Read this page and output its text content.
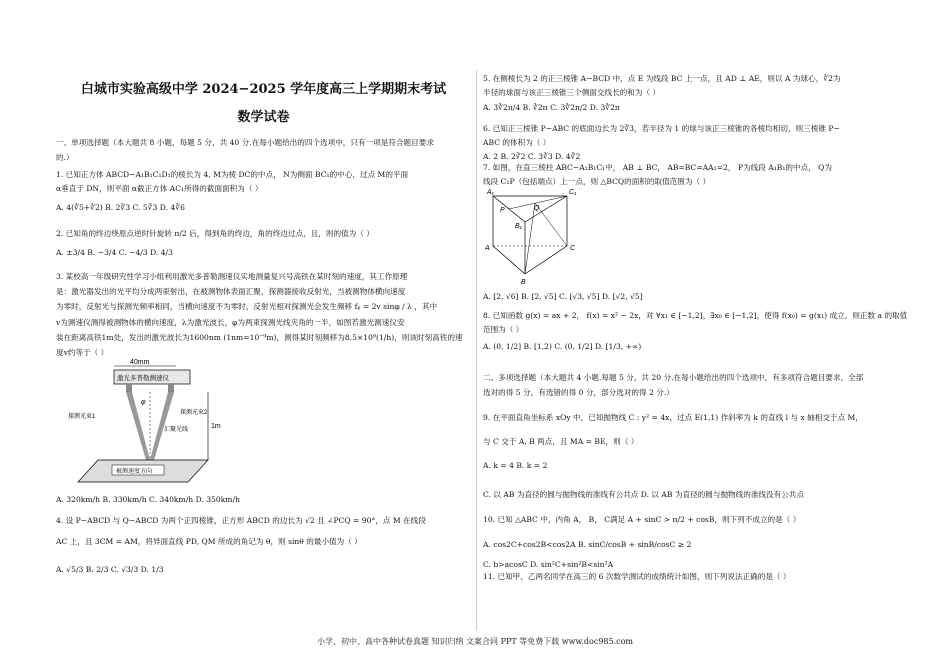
白城市实验高级中学 2024−2025 学年度高三上学期期末考试
数学试卷
一、单项选择题（本大题共 8 小题，每题 5 分，共 40 分.在每小题给出的四个选项中，只有一项是符合题目要求
的.）
1. 已知正方体 ABCD−A₁B₁C₁D₁的棱长为 4, M为棱 DC的中点， N为侧面 BC₁的中心，过点 M的平面
α垂直于 DN，则平面 α截正方体 AC₁所得的截面面积为（ ）
A. 4(∛5+∛2) B. 2∛3 C. 5∛3 D. 4∛6
2. 已知角的终边绕原点逆时针旋转 π/2 后，得到角的终边，角的终边过点，且，则的值为（ ）
A. ±3/4 B. −3/4 C. −4/3 D. 4/3
3. 某校高一年级研究性学习小组利用激光多普勒测速仪实地测量复兴号高铁在某时刻的速度，其工作原理
是：激光器发出的光平均分成两束射出，在被测物体表面汇聚，探测器接收反射光，当被测物体横向速度
为零时，反射光与探测光频率相同，当横向速度不为零时，反射光相对探测光会发生频移 fₚ = 2v sinφ / λ ，其中
v为测速仪测得被测物体的横向速度，λ为激光波长，φ为两束探测光线夹角的一半，如图若激光测速仪安
装在距离高铁1m处，发出的激光波长为1600nm (1nm=10⁻⁹m)，测得某时刻频移为8.5×10⁹(1/h)，则该时刻高铁的速
度v约等于（ ）
40mm
激光多普勒测速仪
φ
探测光束1
探测光束2
汇聚光线	1m
被测速度方向
A. 320km/h B. 330km/h C. 340km/h D. 350km/h
4. 设 P−ABCD 与 Q−ABCD 为两个正四棱锥，正方形 ABCD 的边长为 √2 且 ∠PCQ = 90°，点 M 在线段
AC 上，且 3CM = AM，将异面直线 PD, QM 所成的角记为 θ，则 sinθ 的最小值为（ ）
A. √5/3 B. 2/3 C. √3/3 D. 1/3
5. 在侧棱长为 2 的正三棱锥 A−BCD 中，点 E 为线段 BC 上一点，且 AD ⊥ AE，则以 A 为球心，∛2为
半径的球面与该正三棱锥三个侧面交线长的和为（ ）
A. 3∛2π/4 B. ∛2π C. 3∛2π/2 D. 3∛2π
6. 已知正三棱锥 P−ABC 的底面边长为 2∛3，若半径为 1 的球与该正三棱锥的各棱均相切，则三棱锥 P−
ABC 的体积为（ ）
A. 2 B. 2∛2 C. 3∛3 D. 4∛2
7. 如图，在直三棱柱 ABC−A₁B₁C₁中， AB ⊥ BC， AB=BC=AA₁=2， P为线段 A₁B₁的中点， Q为
线段 C₁P（包括端点）上一点，则 △BCQ的面积的取值范围为（ ）
A₁	C₁
P	Q
B₁
A	C
B
A. [2, √6] B. [2, √5] C. [√3, √5] D. [√2, √5]
8. 已知函数 g(x) = ax + 2， f(x) = x² − 2x，对 ∀x₁ ∈ [−1,2]，∃x₀ ∈ [−1,2]，使得 f(x₀) = g(x₁) 成立，则正数 a 的取值
范围为（ ）
A. (0, 1/2] B. [1,2) C. (0, 1/2] D. [1/3, +∞)
二、多项选择题（本大题共 4 小题.每题 5 分，共 20 分.在每小题给出的四个选项中，有多项符合题目要求，全部
选对的得 5 分，有选错的得 0 分，部分选对的得 2 分.）
9. 在平面直角坐标系 xOy 中，已知抛物线 C : y² = 4x，过点 E(1,1) 作斜率为 k 的直线 l 与 x 轴相交于点 M，
与 C 交于 A, B 两点，且 MA = BE，则（ ）
A. k = 4 B. k = 2
C. 以 AB 为直径的圆与抛物线的准线有公共点 D. 以 AB 为直径的圆与抛物线的准线没有公共点
10. 已知 △ABC 中，内角 A， B， C满足 A + sinC > π/2 + cosB，则下列不成立的是（ ）
A. cos2C+cos2B<cos2A B. sinC/cosB + sinB/cosC ≥ 2
C. b>acosC D. sin²C+sin²B<sin²A
11. 已知甲、乙两名同学在高三的 6 次数学测试的成绩统计如图，则下列说法正确的是（ ）
小学、初中、高中各种试卷真题 知识归纳 文案合同 PPT 等免费下载 www.doc985.com
